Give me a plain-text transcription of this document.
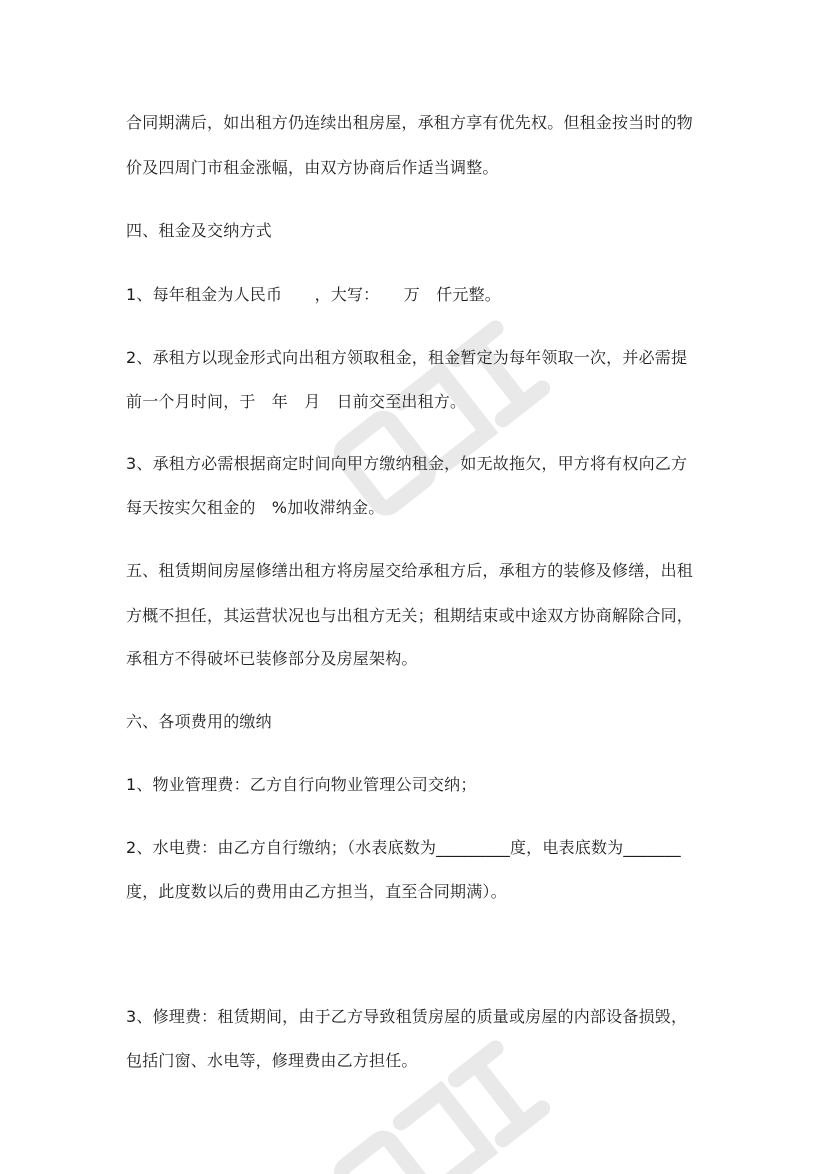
合同期满后，如出租方仍连续出租房屋，承租方享有优先权。但租金按当时的物
价及四周门市租金涨幅，由双方协商后作适当调整。
四、租金及交纳方式
1、每年租金为人民币　　，大写：　　万　仟元整。
2、承租方以现金形式向出租方领取租金，租金暂定为每年领取一次，并必需提
前一个月时间，于　年　月　日前交至出租方。
3、承租方必需根据商定时间向甲方缴纳租金，如无故拖欠，甲方将有权向乙方
每天按实欠租金的　%加收滞纳金。
五、租赁期间房屋修缮出租方将房屋交给承租方后，承租方的装修及修缮，出租
方概不担任，其运营状况也与出租方无关；租期结束或中途双方协商解除合同，
承租方不得破坏已装修部分及房屋架构。
六、各项费用的缴纳
1、物业管理费：乙方自行向物业管理公司交纳；
2、水电费：由乙方自行缴纳；（水表底数为_________度，电表底数为_______
度，此度数以后的费用由乙方担当，直至合同期满）。
3、修理费：租赁期间，由于乙方导致租赁房屋的质量或房屋的内部设备损毁，
包括门窗、水电等，修理费由乙方担任。
